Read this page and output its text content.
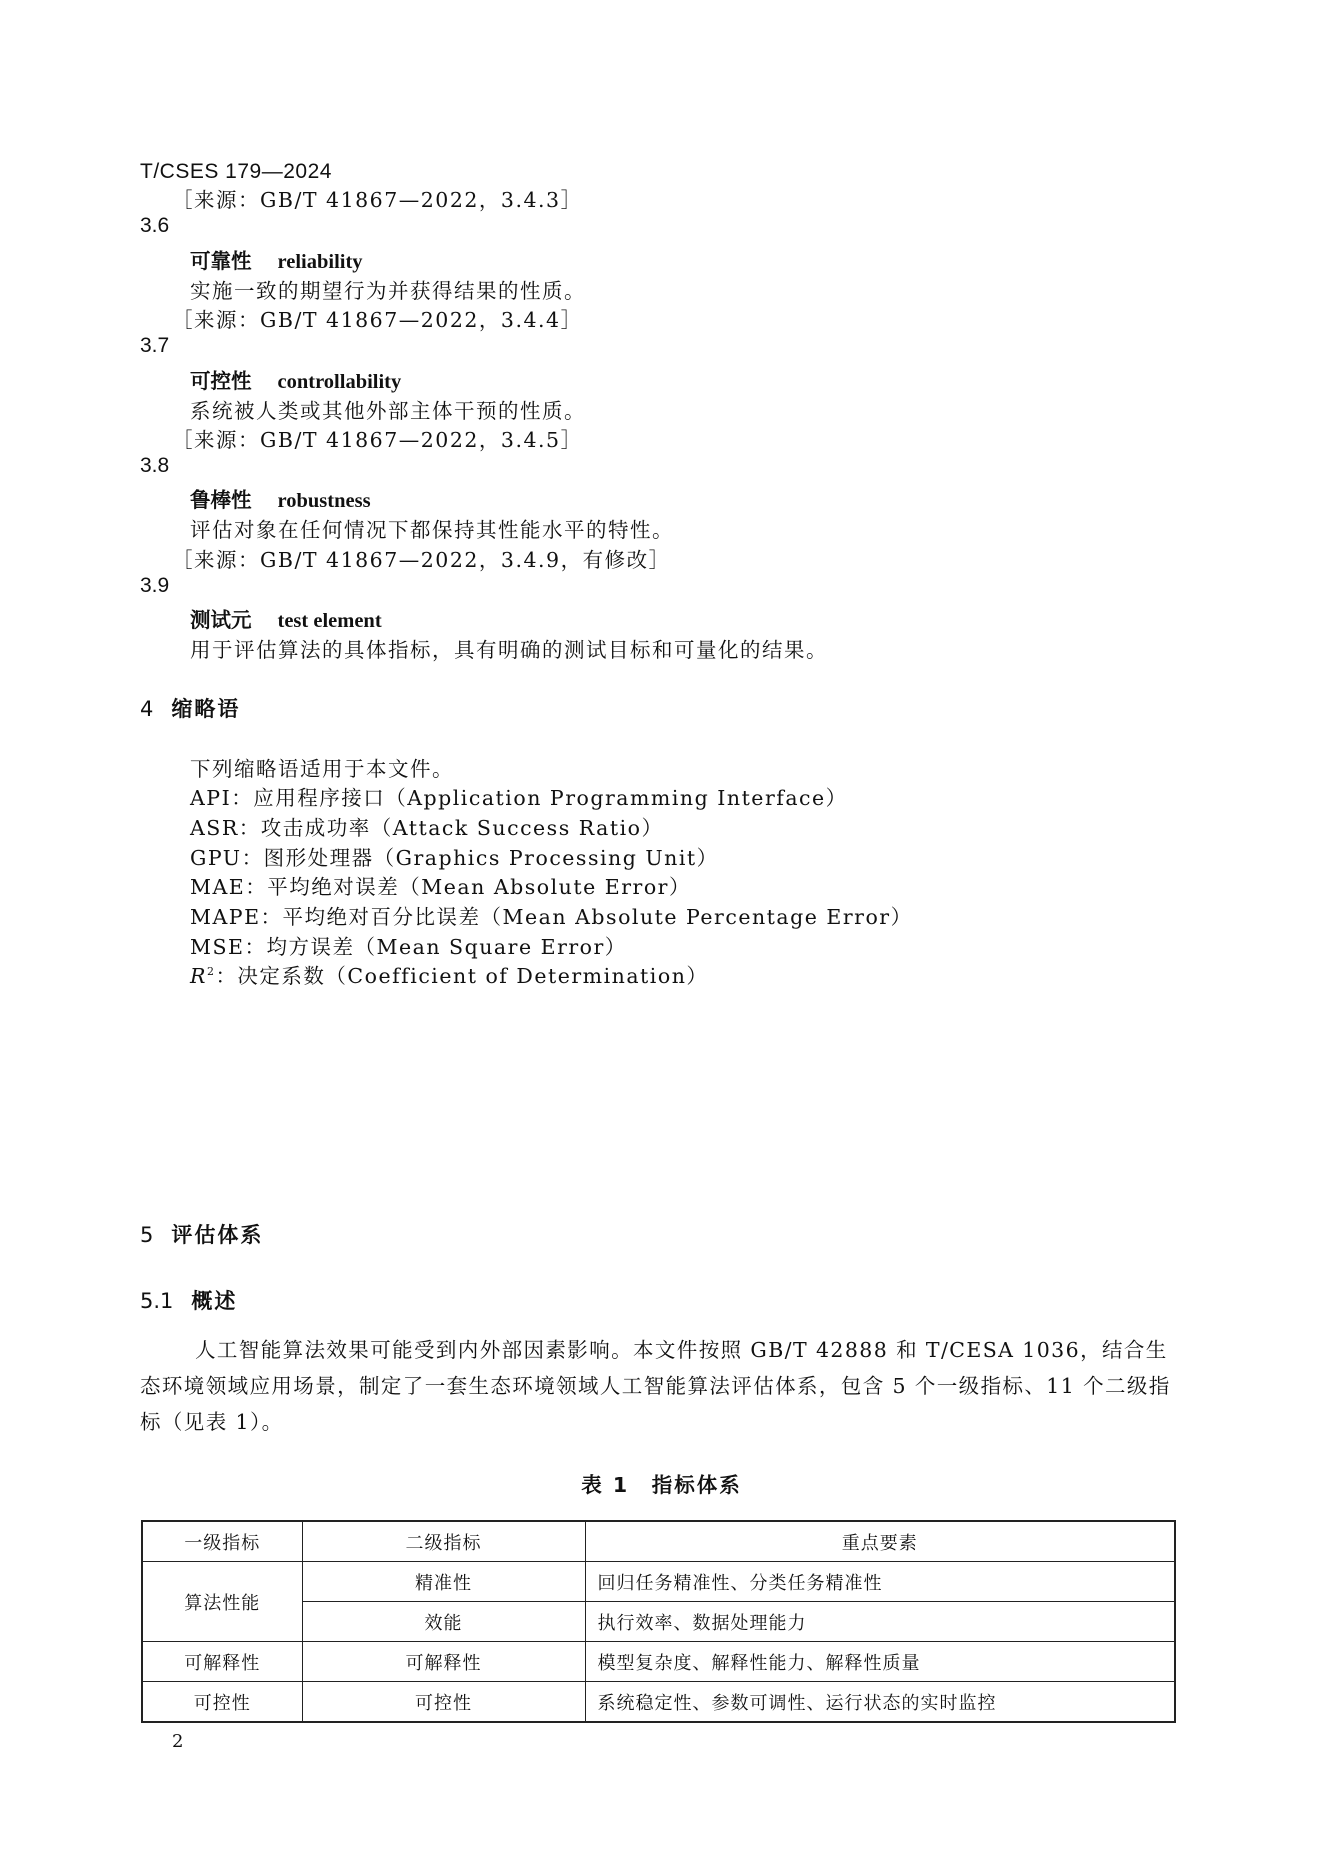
T/CSES 179—2024
［来源：GB/T 41867—2022，3.4.3］
3.6
可靠性 reliability
实施一致的期望行为并获得结果的性质。
［来源：GB/T 41867—2022，3.4.4］
3.7
可控性 controllability
系统被人类或其他外部主体干预的性质。
［来源：GB/T 41867—2022，3.4.5］
3.8
鲁棒性 robustness
评估对象在任何情况下都保持其性能水平的特性。
［来源：GB/T 41867—2022，3.4.9，有修改］
3.9
测试元 test element
用于评估算法的具体指标，具有明确的测试目标和可量化的结果。
4 缩略语
下列缩略语适用于本文件。
API：应用程序接口（Application Programming Interface）
ASR：攻击成功率（Attack Success Ratio）
GPU：图形处理器（Graphics Processing Unit）
MAE：平均绝对误差（Mean Absolute Error）
MAPE：平均绝对百分比误差（Mean Absolute Percentage Error）
MSE：均方误差（Mean Square Error）
$R^2$：决定系数（Coefficient of Determination）
5 评估体系
5.1 概述
人工智能算法效果可能受到内外部因素影响。本文件按照 GB/T 42888 和 T/CESA 1036，结合生态环境领域应用场景，制定了一套生态环境领域人工智能算法评估体系，包含 5 个一级指标、11 个二级指标（见表 1）。
表 1　指标体系
一级指标	二级指标	重点要素
算法性能	精准性	回归任务精准性、分类任务精准性
	效能	执行效率、数据处理能力
可解释性	可解释性	模型复杂度、解释性能力、解释性质量
可控性	可控性	系统稳定性、参数可调性、运行状态的实时监控
2
